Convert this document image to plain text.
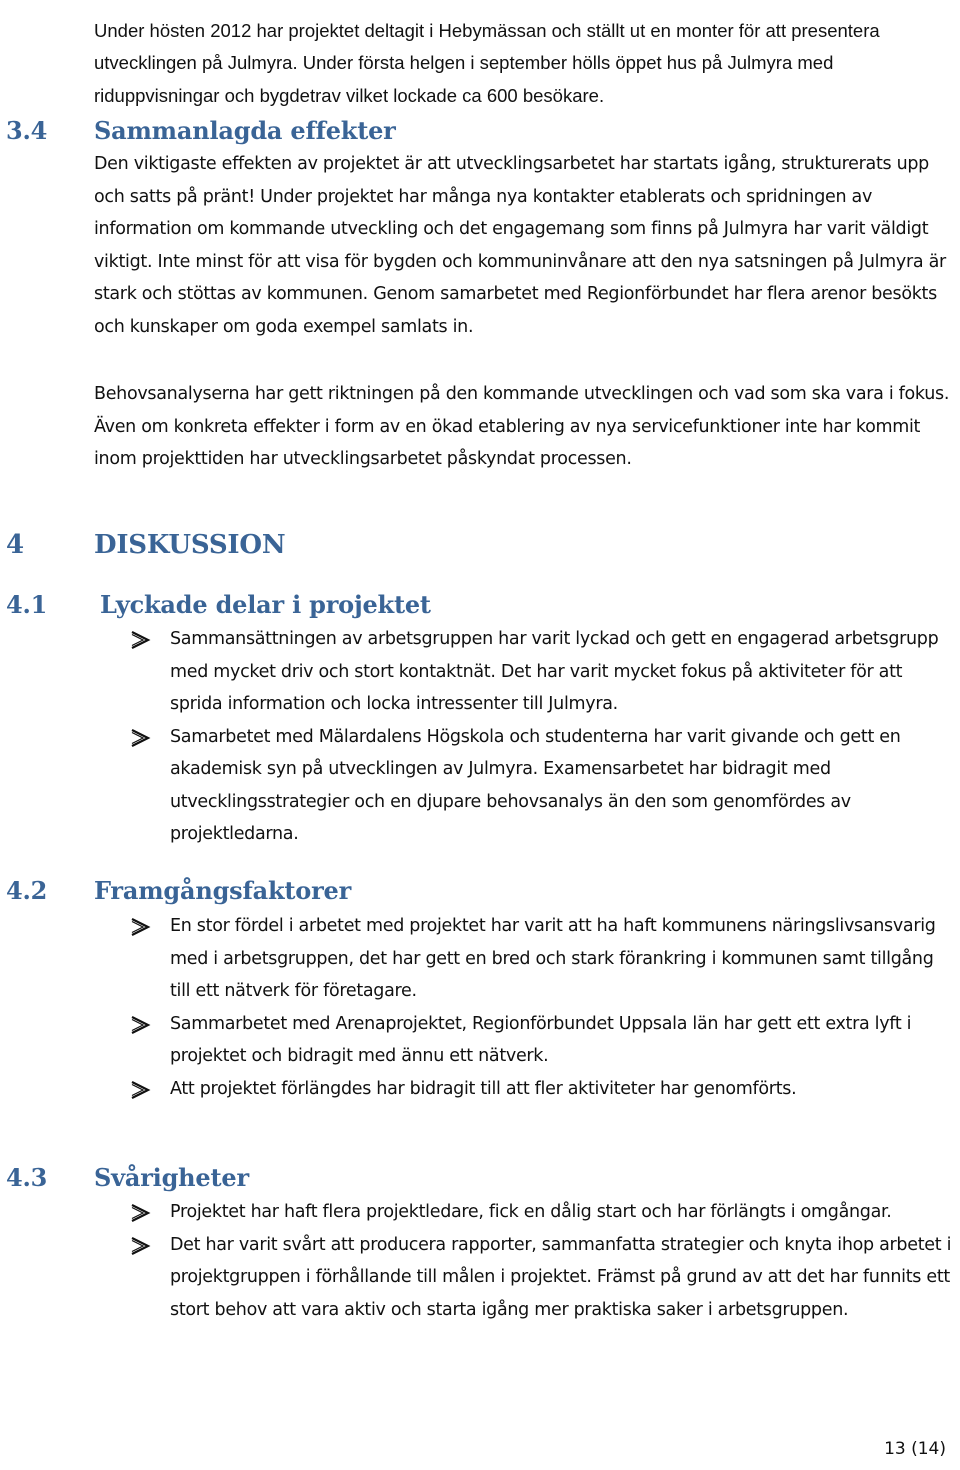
Under hösten 2012 har projektet deltagit i Hebymässan och ställt ut en monter för att presentera utvecklingen på Julmyra. Under första helgen i september hölls öppet hus på Julmyra med riduppvisningar och bygdetrav vilket lockade ca 600 besökare.

3.4 Sammanlagda effekter

Den viktigaste effekten av projektet är att utvecklingsarbetet har startats igång, strukturerats upp och satts på pränt! Under projektet har många nya kontakter etablerats och spridningen av information om kommande utveckling och det engagemang som finns på Julmyra har varit väldigt viktigt. Inte minst för att visa för bygden och kommuninvånare att den nya satsningen på Julmyra är stark och stöttas av kommunen. Genom samarbetet med Regionförbundet har flera arenor besökts och kunskaper om goda exempel samlats in.

Behovsanalyserna har gett riktningen på den kommande utvecklingen och vad som ska vara i fokus. Även om konkreta effekter i form av en ökad etablering av nya servicefunktioner inte har kommit inom projekttiden har utvecklingsarbetet påskyndat processen.

4	DISKUSSION
4.1 Lyckade delar i projektet
Sammansättningen av arbetsgruppen har varit lyckad och gett en engagerad arbetsgrupp med mycket driv och stort kontaktnät. Det har varit mycket fokus på aktiviteter för att sprida information och locka intressenter till Julmyra.
Samarbetet med Mälardalens Högskola och studenterna har varit givande och gett en akademisk syn på utvecklingen av Julmyra. Examensarbetet har bidragit med utvecklingsstrategier och en djupare behovsanalys än den som genomfördes av projektledarna.
4.2 Framgångsfaktorer
En stor fördel i arbetet med projektet har varit att ha haft kommunens näringslivsansvarig med i arbetsgruppen, det har gett en bred och stark förankring i kommunen samt tillgång till ett nätverk för företagare.
Sammarbetet med Arenaprojektet, Regionförbundet Uppsala län har gett ett extra lyft i projektet och bidragit med ännu ett nätverk.
Att projektet förlängdes har bidragit till att fler aktiviteter har genomförts.
4.3 Svårigheter
Projektet har haft flera projektledare, fick en dålig start och har förlängts i omgångar.
Det har varit svårt att producera rapporter, sammanfatta strategier och knyta ihop arbetet i projektgruppen i förhållande till målen i projektet. Främst på grund av att det har funnits ett stort behov att vara aktiv och starta igång mer praktiska saker i arbetsgruppen.
13 (14)
